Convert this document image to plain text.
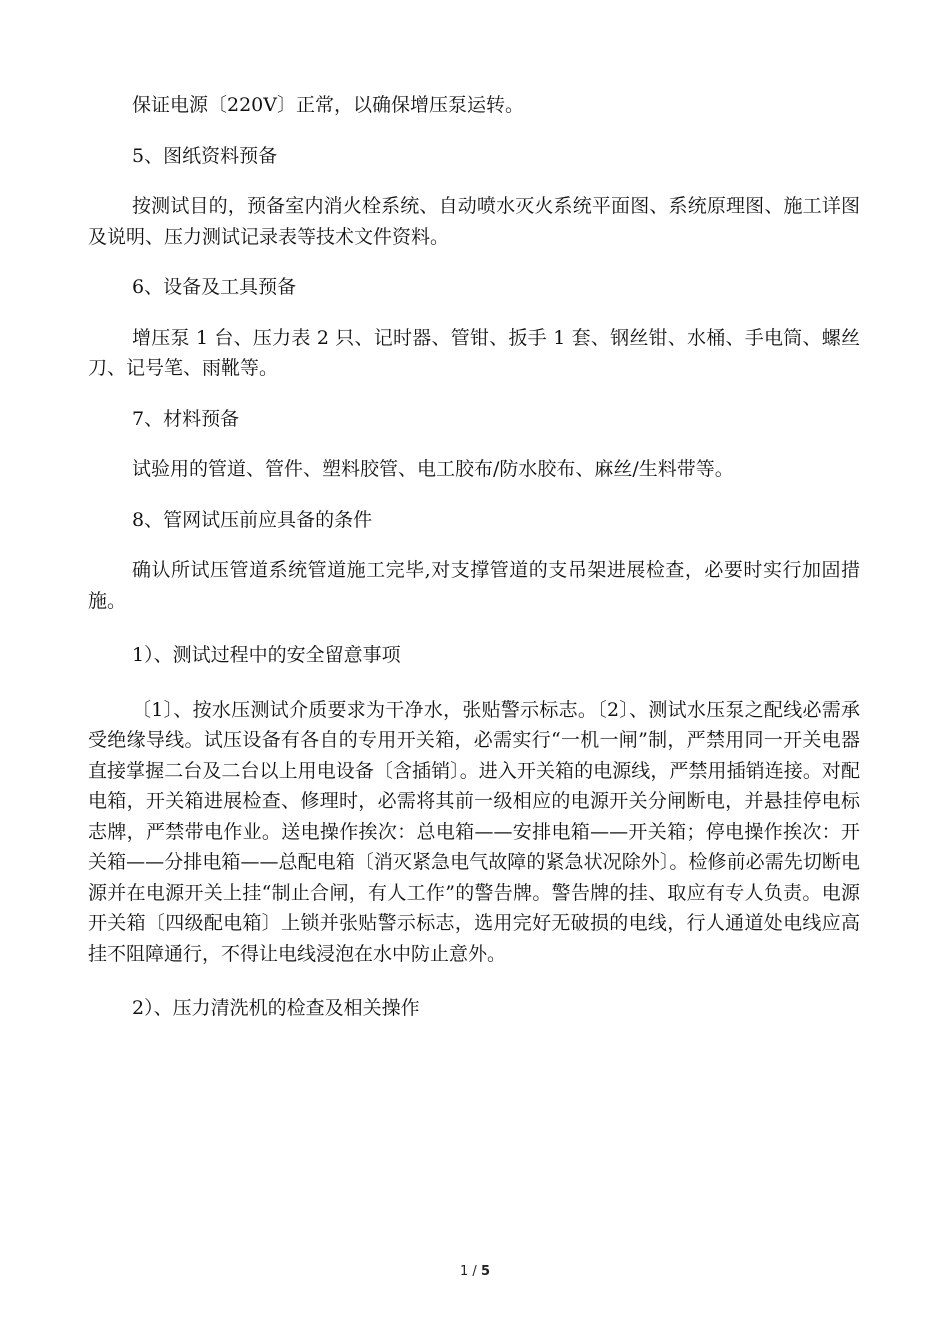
保证电源〔220V〕正常，以确保增压泵运转。

5、图纸资料预备

按测试目的，预备室内消火栓系统、自动喷水灭火系统平面图、系统原理图、施工详图及说明、压力测试记录表等技术文件资料。

6、设备及工具预备

增压泵 1 台、压力表 2 只、记时器、管钳、扳手 1 套、钢丝钳、水桶、手电筒、螺丝刀、记号笔、雨靴等。

7、材料预备

试验用的管道、管件、塑料胶管、电工胶布/防水胶布、麻丝/生料带等。

8、管网试压前应具备的条件

确认所试压管道系统管道施工完毕,对支撑管道的支吊架进展检查，必要时实行加固措施。

1）、测试过程中的安全留意事项

〔1〕、按水压测试介质要求为干净水，张贴警示标志。〔2〕、测试水压泵之配线必需承受绝缘导线。试压设备有各自的专用开关箱，必需实行“一机一闸”制，严禁用同一开关电器直接掌握二台及二台以上用电设备〔含插销〕。进入开关箱的电源线，严禁用插销连接。对配电箱，开关箱进展检查、修理时，必需将其前一级相应的电源开关分闸断电，并悬挂停电标志牌，严禁带电作业。送电操作挨次：总电箱——安排电箱——开关箱；停电操作挨次：开关箱——分排电箱——总配电箱〔消灭紧急电气故障的紧急状况除外〕。检修前必需先切断电源并在电源开关上挂“制止合闸，有人工作”的警告牌。警告牌的挂、取应有专人负责。电源开关箱〔四级配电箱〕上锁并张贴警示标志，选用完好无破损的电线，行人通道处电线应高挂不阻障通行，不得让电线浸泡在水中防止意外。

2）、压力清洗机的检查及相关操作

1 / 5
